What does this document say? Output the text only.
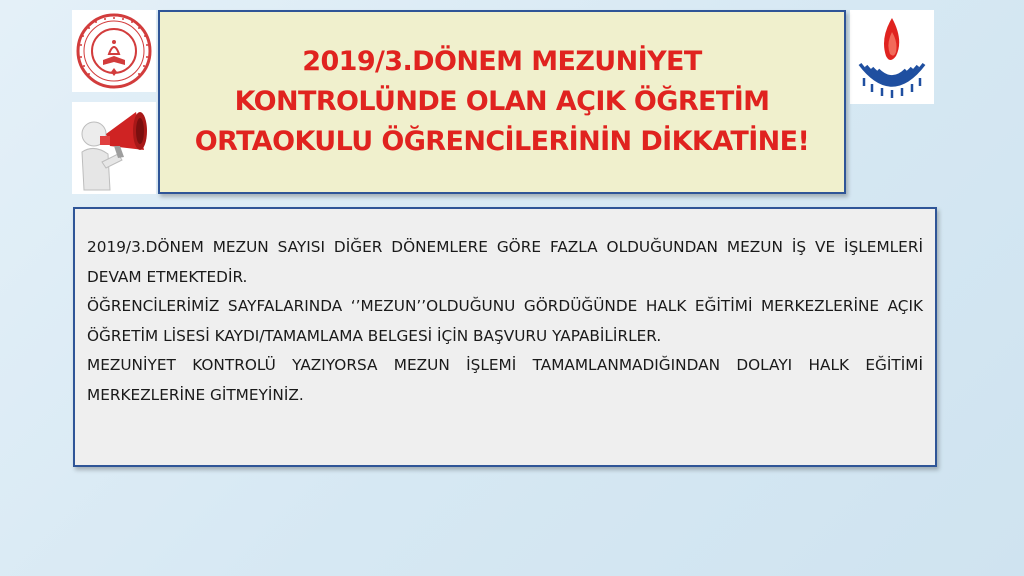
2019/3.DÖNEM MEZUNİYET
KONTROLÜNDE OLAN AÇIK ÖĞRETİM
ORTAOKULU ÖĞRENCİLERİNİN DİKKATİNE!

2019/3.DÖNEM MEZUN SAYISI DİĞER DÖNEMLERE GÖRE FAZLA OLDUĞUNDAN MEZUN İŞ VE İŞLEMLERİ DEVAM ETMEKTEDİR.

ÖĞRENCİLERİMİZ SAYFALARINDA ‘’MEZUN’’OLDUĞUNU GÖRDÜĞÜNDE HALK EĞİTİMİ MERKEZLERİNE AÇIK ÖĞRETİM LİSESİ KAYDI/TAMAMLAMA BELGESİ İÇİN BAŞVURU YAPABİLİRLER.

MEZUNİYET KONTROLÜ YAZIYORSA MEZUN İŞLEMİ TAMAMLANMADIĞINDAN DOLAYI HALK EĞİTİMİ MERKEZLERİNE GİTMEYİNİZ.
